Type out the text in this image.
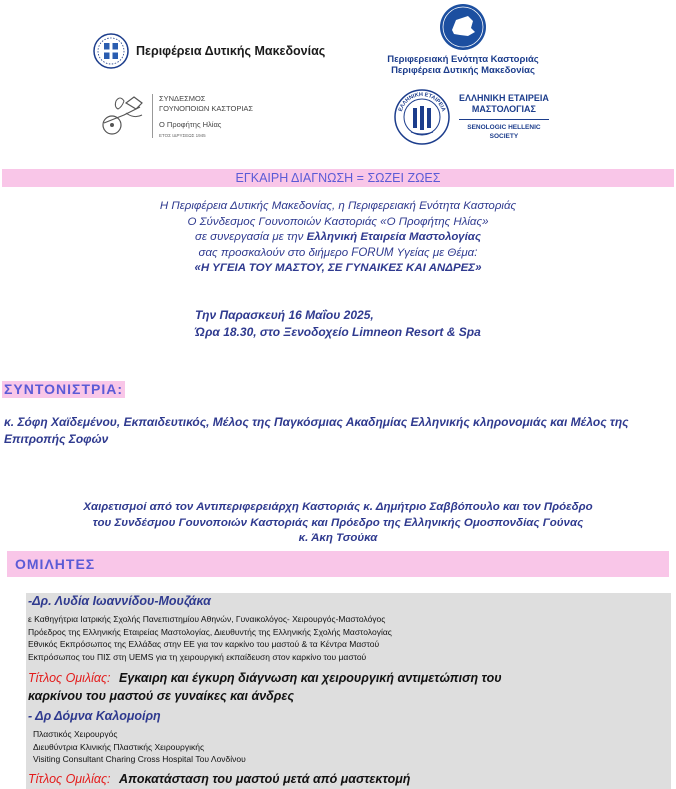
Περιφέρεια Δυτικής Μακεδονίας
Περιφερειακή Ενότητα Καστοριάς
Περιφέρεια Δυτικής Μακεδονίας
ΣΥΝΔΕΣΜΟΣ
ΓΟΥΝΟΠΟΙΩΝ ΚΑΣΤΟΡΙΑΣ
Ο Προφήτης Ηλίας
ΕΤΟΣ ΙΔΡΥΣΕΩΣ 1945
ΕΛΛΗΝΙΚΗ ΕΤΑΙΡΕΙΑ
ΕΛΛΗΝΙΚΗ ΕΤΑΙΡΕΙΑ
ΜΑΣΤΟΛΟΓΙΑΣ
SENOLOGIC HELLENIC
SOCIETY
ΕΓΚΑΙΡΗ ΔΙΑΓΝΩΣΗ = ΣΩΖΕΙ ΖΩΕΣ
Η Περιφέρεια Δυτικής Μακεδονίας, η Περιφερειακή Ενότητα Καστοριάς
Ο Σύνδεσμος Γουνοποιών Καστοριάς «Ο Προφήτης Ηλίας»
σε συνεργασία με την Ελληνική Εταιρεία Μαστολογίας
σας προσκαλούν στο διήμερο FORUM Υγείας με Θέμα:
«Η ΥΓΕΙΑ ΤΟΥ ΜΑΣΤΟΥ, ΣΕ ΓΥΝΑΙΚΕΣ ΚΑΙ ΑΝΔΡΕΣ»
Την Παρασκευή 16 Μαΐου 2025,
Ώρα 18.30, στο Ξενοδοχείο Limneon Resort & Spa
ΣΥΝΤΟΝΙΣΤΡΙΑ:
κ. Σόφη Χαϊδεμένου, Εκπαιδευτικός, Μέλος της Παγκόσμιας Ακαδημίας Ελληνικής κληρονομιάς και Μέλος της Επιτροπής Σοφών
Χαιρετισμοί από τον Αντιπεριφερειάρχη Καστοριάς κ. Δημήτριο Σαββόπουλο και τον Πρόεδρο
του Συνδέσμου Γουνοποιών Καστοριάς και Πρόεδρο της Ελληνικής Ομοσπονδίας Γούνας
κ. Άκη Τσούκα
ΟΜΙΛΗΤΕΣ
-Δρ. Λυδία Ιωαννίδου-Μουζάκα
ε Καθηγήτρια Ιατρικής Σχολής Πανεπιστημίου Αθηνών, Γυναικολόγος- Χειρουργός-Μαστολόγος
Πρόεδρος της Ελληνικής Εταιρείας Μαστολογίας, Διευθυντής της Ελληνικής Σχολής Μαστολογίας
Εθνικός Εκπρόσωπος της Ελλάδας στην ΕΕ για τον καρκίνο του μαστού & τα Κέντρα Μαστού
Εκπρόσωπος του ΠΙΣ στη UEMS για τη χειρουργική εκπαίδευση στον καρκίνο του μαστού
Τίτλος Ομιλίας: Εγκαιρη και έγκυρη διάγνωση και χειρουργική αντιμετώπιση του
καρκίνου του μαστού σε γυναίκες και άνδρες
- Δρ Δόμνα Καλομοίρη
Πλαστικός Χειρουργός
Διευθύντρια Κλινικής Πλαστικής Χειρουργικής
Visiting Consultant Charing Cross Hospital Του Λονδίνου
Τίτλος Ομιλίας: Αποκατάσταση του μαστού μετά από μαστεκτομή
